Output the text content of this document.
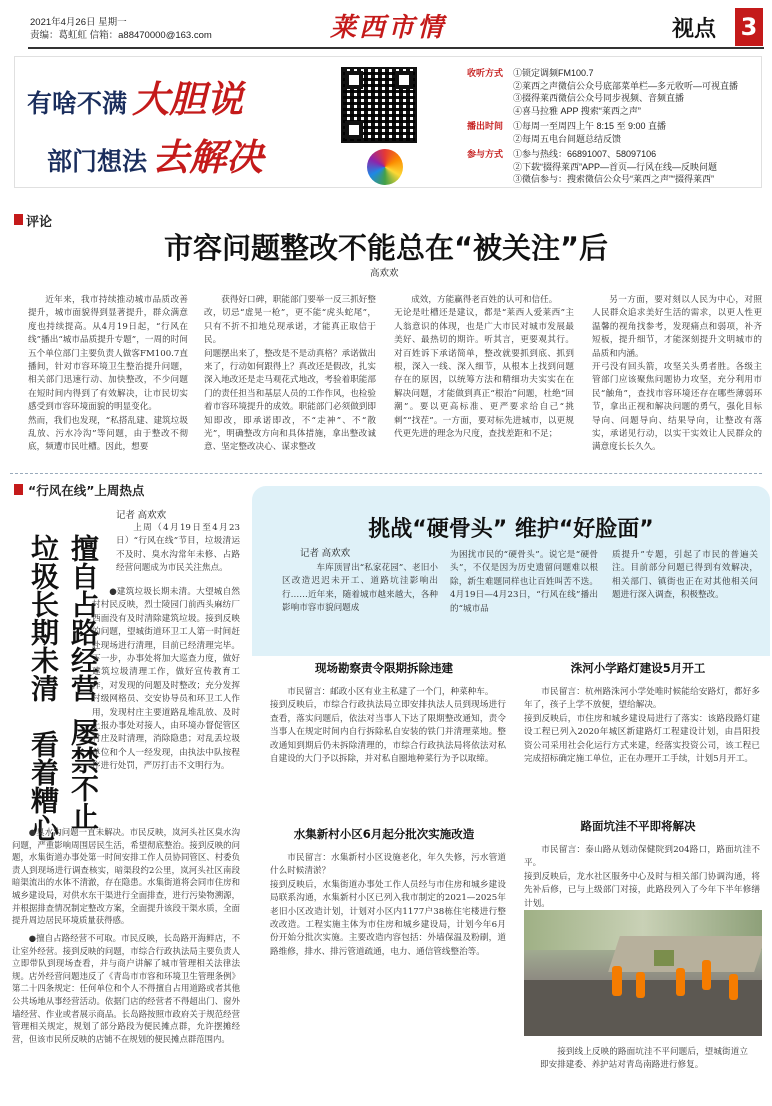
2021年4月26日 星期一
责编：葛虹虹 信箱：a88470000@163.com	莱西市情	视点 3
有啥不满 大胆说
部门想法 去解决
收听方式 ①锁定调频FM100.7
②莱西之声微信公众号底部菜单栏—多元收听—可视直播
③掇得莱西微信公众号同步视频、音频直播
④喜马拉雅 APP 搜索“莱西之声”
播出时间 ①每周一至周四上午 8:15 至 9:00 直播
②每周五电台间题总结反馈
参与方式 ①参与热线：66891007、58097106
②下载“掇得莱西”APP—首页—行风在线—反映问题
③微信参与：搜索微信公众号“莱西之声”“掇得莱西”
评论
市容问题整改不能总在“被关注”后
高欢欢
近年来，我市持续推动城市品质改善提升，城市面貌得到显著提升，群众满意度也持续提高。从4月19日起，“行风在线”播出“城市品质提升专题”，一周的时间五个单位部门主要负责人做客FM100.7直播间，针对市容环境卫生整治提升问题，相关部门迅速行动、加快整改，不少问题在短时间内得到了有效解决，让市民切实感受到市容环境面貌的明显变化。
然而，我们也发现，“私搭乱建、建筑垃圾乱放、污水冷沟”等问题，由于整改不彻底，频遭市民吐槽。因此，想要
获得好口碑，职能部门要举一反三抓好整改，切忌“虚晃一枪”，更不能“虎头蛇尾”，只有不折不扣地兑现承诺，才能真正取信于民。
问题摆出来了，整改是不是动真格？承诺做出来了，行动如何跟得上？真改还是假改，扎实深入地改还是走马观花式地改，考验着职能部门的责任担当和基层人员的工作作风，也检验着市容环境提升的成效。职能部门必须做到即知即改，即承诺即改，不“走神”、不“散光”，明确整改方向和具体措施，拿出整改诚意、坚定整改决心、谋求整改
成效，方能赢得老百姓的认可和信任。
无论是吐槽还是建议，都是“莱西人爱莱西”主人翁意识的体现，也是广大市民对城市发展最美好、最热切的期许。听其言，更要观其行。对百姓诉下承诺简单，整改就要抓到底、抓到根，深入一线、深入细节，从根本上找到问题存在的原因，以统筹方法和精细功夫实实在在解决问题，才能做到真正“根治”问题，杜绝“回潮”。要以更高标准、更严要求给自己“挑刺”“找茬”。一方面，要对标先进城市，以更规代更先进的理念为尺度，查找差距和不足；
另一方面，要对刻以人民为中心，对照人民群众追求美好生活的需求，以更人性更温馨的视角找参考，发现痛点和弱项，补齐短板，提升细节，才能深刻提升文明城市的品质和内涵。
开弓没有回头箭，攻坚关头勇者胜。各级主管部门应该聚焦问题协力攻坚，充分利用市民“触角”，查找市容环境还存在哪些薄弱环节，拿出正视和解决问题的勇气，强化目标导向、问题导向、结果导向，让整改有落实，承诺见行动，以实干实效让人民群众的满意度长长久久。
“行风在线”上周热点
记者 高欢欢
上周（4月19日至4月23日）“行风在线”节目，垃圾清运不及时、臭水沟常年未修、占路经营问题成为市民关注焦点。
擅自占路经营
屡禁不止
垃圾长期未清
看着糟心
●建筑垃圾长期未清。大望城自然村村民反映，烈士陵园门前西头麻纺厂西面没有及时清除建筑垃圾。接到反映的问题，望城街道环卫工人第一时间赶赴现场进行清理，目前已经清理完毕。下一步，办事处将加大巡查力度，做好建筑垃圾清理工作，做好宣传教育工作，对发现的问题及时整改；充分发挥村级网格员、交安协导员和环卫工人作用，发现村庄主要道路乱堆乱放、及时上报办事处对接人，由环境办督促管区村庄及时清理，消除隐患；对乱丢垃圾单位和个人一经发现，由执法中队按程序进行处罚，严厉打击不文明行为。
●臭水沟问题一直未解决。市民反映，岚河头社区臭水沟问题，严重影响周围居民生活，希望彻底整治。接到反映的问题，水集街道办事处第一时间安排工作人员协同管区、村委负责人到现场进行调查核实，暗渠段约2公里，岚河头社区南段暗渠流出的水体不清澈，存在隐患。水集街道将会同市住房和城乡建设局，对供水东干渠进行全面排查，进行污染物溯源，并根据排查情况制定整改方案，全面提升该段干渠水质，全面提升周边居民环境质量获得感。
●擅自占路经营不可取。市民反映，长岛路开海鲜店，不让室外经营。接到反映的问题，市综合行政执法局主要负责人立即带队到现场查看，并与商户讲解了城市管理相关法律法规。店外经营问题违反了《青岛市市容和环境卫生管理条例》第二十四条规定：任何单位和个人不得擅自占用道路或者其他公共场地从事经营活动。依据门店的经营者不得超出门、窗外墙经营、作业或者展示商品。长岛路按照市政府关于规范经营管理相关规定，规划了部分路段为便民摊点群，允许摆摊经营，但该市民所反映的店铺不在规划的便民摊点群范围内。
挑战“硬骨头” 维护“好脸面”
记者 高欢欢
车库顶冒出“私家花园”、老旧小区改造迟迟未开工、道路坑洼影响出行……近年来，随着城市越来越大，各种影响市容市貌问题成
为困扰市民的“硬骨头”。说它是“硬骨头”，不仅是因为历史遗留问题难以根除，新生难题同样也让百姓叫苦不迭。4月19日—4月23日，“行风在线”播出的“城市品
质提升”专题，引起了市民的普遍关注。目前部分问题已得到有效解决，相关部门、镇街也正在对其他相关问题进行深入调查，积极整改。
现场勘察责令限期拆除违建
市民留言：邮政小区有业主私建了一个门，种菜种车。
接到反映后，市综合行政执法局立即安排执法人员到现场进行查看，落实问题后，依法对当事人下达了限期整改通知，责令当事人在规定时间内自行拆除私自安装的铁门并清理菜地。整改通知到期后仍未拆除清理的，市综合行政执法局将依法对私自建设的大门予以拆除，并对私自圈地种菜行为予以取缔。
水集新村小区6月起分批次实施改造
市民留言：水集新村小区设施老化，年久失修，污水管道什么时候清淤？
接到反映后，水集街道办事处工作人员经与市住房和城乡建设局联系沟通，水集新村小区已列入我市制定的2021—2025年老旧小区改造计划，计划对小区内1177户38栋住宅楼进行整改改造。工程实施主体为市住房和城乡建设局，计划今年6月份开始分批次实施。主要改造内容包括：外墙保温及粉刷，道路维修，排水、排污管道疏通，电力、通信管线整治等。
洙河小学路灯建设5月开工
市民留言：杭州路洙河小学处唯时候能给安路灯，都好多年了，孩子上学不放便，望给解决。
接到反映后，市住房和城乡建设局进行了落实：该路段路灯建设工程已列入2020年城区新建路灯工程建设计划，由昌阳投资公司采用社会化运行方式来建，经落实投资公司，该工程已完成招标确定施工单位，正在办理开工手续，计划5月开工。
路面坑洼不平即将解决
市民留言：泰山路从划动保健院到204路口，路面坑洼不平。
接到反映后，龙水社区服务中心及时与相关部门协调沟通，将先补后修，已与上级部门对接，此路段列入了今年下半年修缮计划。
接到线上反映的路面坑洼不平问题后，望城街道立即安排建委、养护站对青岛南路进行修复。
